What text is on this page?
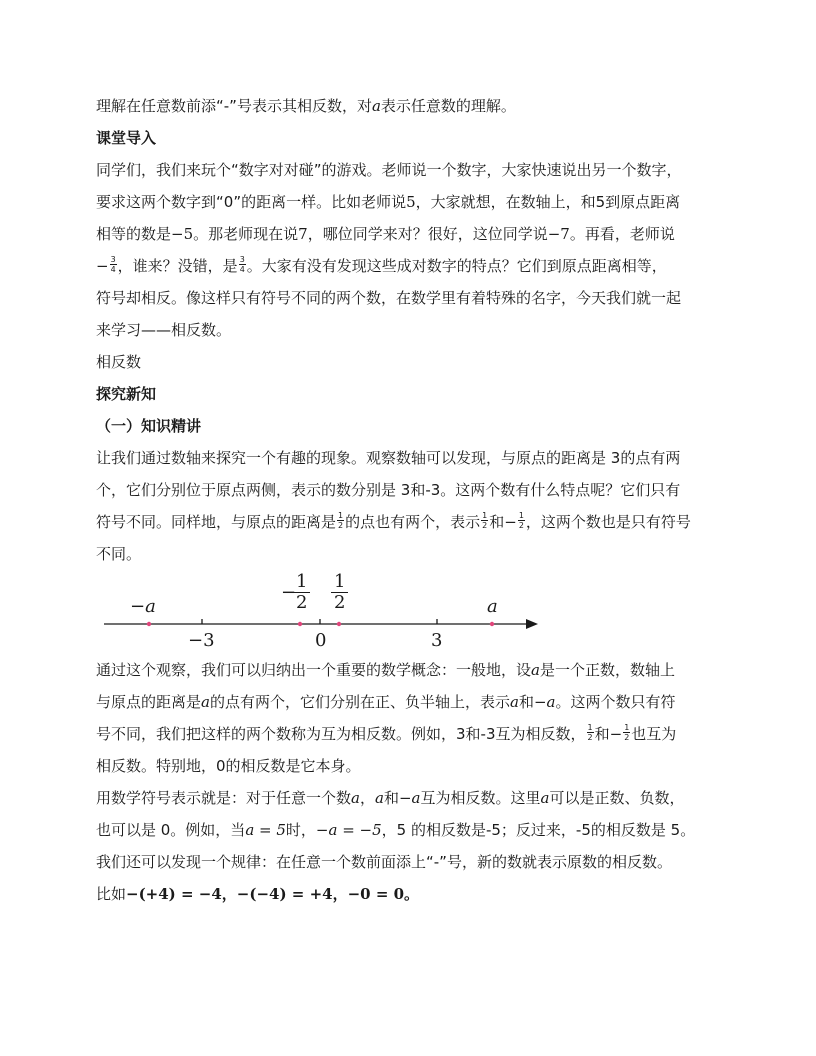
理解在任意数前添“-”号表示其相反数，对a表示任意数的理解。
课堂导入
同学们，我们来玩个“数字对对碰”的游戏。老师说一个数字，大家快速说出另一个数字，
要求这两个数字到“0”的距离一样。比如老师说5，大家就想，在数轴上，和5到原点距离
相等的数是−5。那老师现在说7，哪位同学来对？很好，这位同学说−7。再看，老师说
− $\frac{3}{4}$ ，谁来？没错，是 $\frac{3}{4}$ 。大家有没有发现这些成对数字的特点？它们到原点距离相等，
符号却相反。像这样只有符号不同的两个数，在数学里有着特殊的名字，今天我们就一起
来学习——相反数。
相反数
探究新知
（一）知识精讲
让我们通过数轴来探究一个有趣的现象。观察数轴可以发现，与原点的距离是 3的点有两
个，它们分别位于原点两侧，表示的数分别是 3和-3。这两个数有什么特点呢？它们只有
符号不同。同样地，与原点的距离是 $\frac{1}{2}$ 的点也有两个，表示 $\frac{1}{2}$ 和− $\frac{1}{2}$ ，这两个数也是只有符号
不同。
−a	a
−3	0	3
−
$\frac{1}{2} \frac{1}{2}$
通过这个观察，我们可以归纳出一个重要的数学概念：一般地，设a是一个正数，数轴上
与原点的距离是a的点有两个，它们分别在正、负半轴上，表示a和−a。这两个数只有符
号不同，我们把这样的两个数称为互为相反数。例如，3和-3互为相反数， $\frac{1}{2}$ 和− $\frac{1}{2}$ 也互为
相反数。特别地，0的相反数是它本身。
用数学符号表示就是：对于任意一个数a，a和−a互为相反数。这里a可以是正数、负数，
也可以是 0。例如，当a = 5时，−a = −5，5 的相反数是-5；反过来，-5的相反数是 5。
我们还可以发现一个规律：在任意一个数前面添上“-”号，新的数就表示原数的相反数。
比如−(+4) = −4，−(−4) = +4，−0 = 0。
